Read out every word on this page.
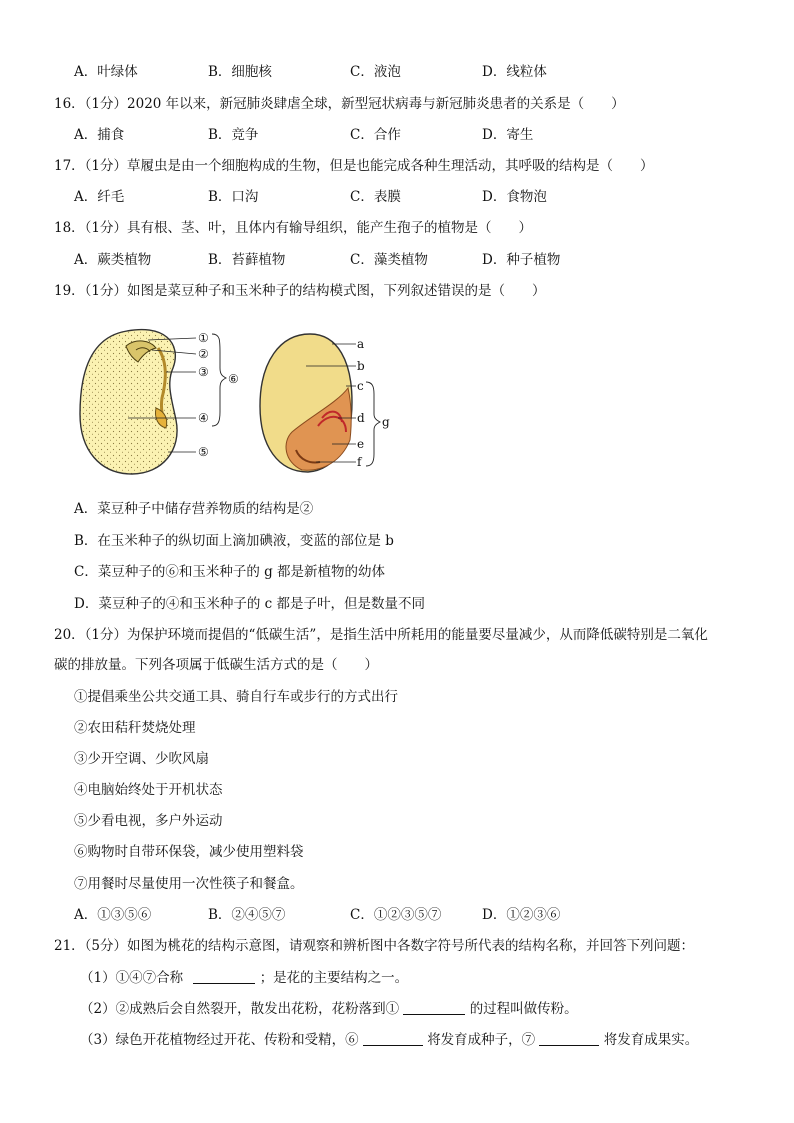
A．叶绿体	B．细胞核	C．液泡	D．线粒体
16．（1分）2020 年以来，新冠肺炎肆虐全球，新型冠状病毒与新冠肺炎患者的关系是（　　）
A．捕食	B．竞争	C．合作	D．寄生
17．（1分）草履虫是由一个细胞构成的生物，但是也能完成各种生理活动，其呼吸的结构是（　　）
A．纤毛	B．口沟	C．表膜	D．食物泡
18．（1分）具有根、茎、叶，且体内有输导组织，能产生孢子的植物是（　　）
A．蕨类植物	B．苔藓植物	C．藻类植物	D．种子植物
19．（1分）如图是菜豆种子和玉米种子的结构模式图，下列叙述错误的是（　　）
①
②
③
④
⑤
⑥
a
b
c
d
e
f
g
A．菜豆种子中储存营养物质的结构是②
B．在玉米种子的纵切面上滴加碘液，变蓝的部位是 b
C．菜豆种子的⑥和玉米种子的 g 都是新植物的幼体
D．菜豆种子的④和玉米种子的 c 都是子叶，但是数量不同
20．（1分）为保护环境而提倡的“低碳生活”，是指生活中所耗用的能量要尽量减少，从而降低碳特别是二氧化
碳的排放量。下列各项属于低碳生活方式的是（　　）
①提倡乘坐公共交通工具、骑自行车或步行的方式出行
②农田秸秆焚烧处理
③少开空调、少吹风扇
④电脑始终处于开机状态
⑤少看电视，多户外运动
⑥购物时自带环保袋，减少使用塑料袋
⑦用餐时尽量使用一次性筷子和餐盒。
A．①③⑤⑥	B．②④⑤⑦	C．①②③⑤⑦	D．①②③⑥
21．（5分）如图为桃花的结构示意图，请观察和辨析图中各数字符号所代表的结构名称，并回答下列问题：
（1）①④⑦合称	；是花的主要结构之一。
（2）②成熟后会自然裂开，散发出花粉，花粉落到①	的过程叫做传粉。
（3）绿色开花植物经过开花、传粉和受精，⑥	将发育成种子，⑦	将发育成果实。
